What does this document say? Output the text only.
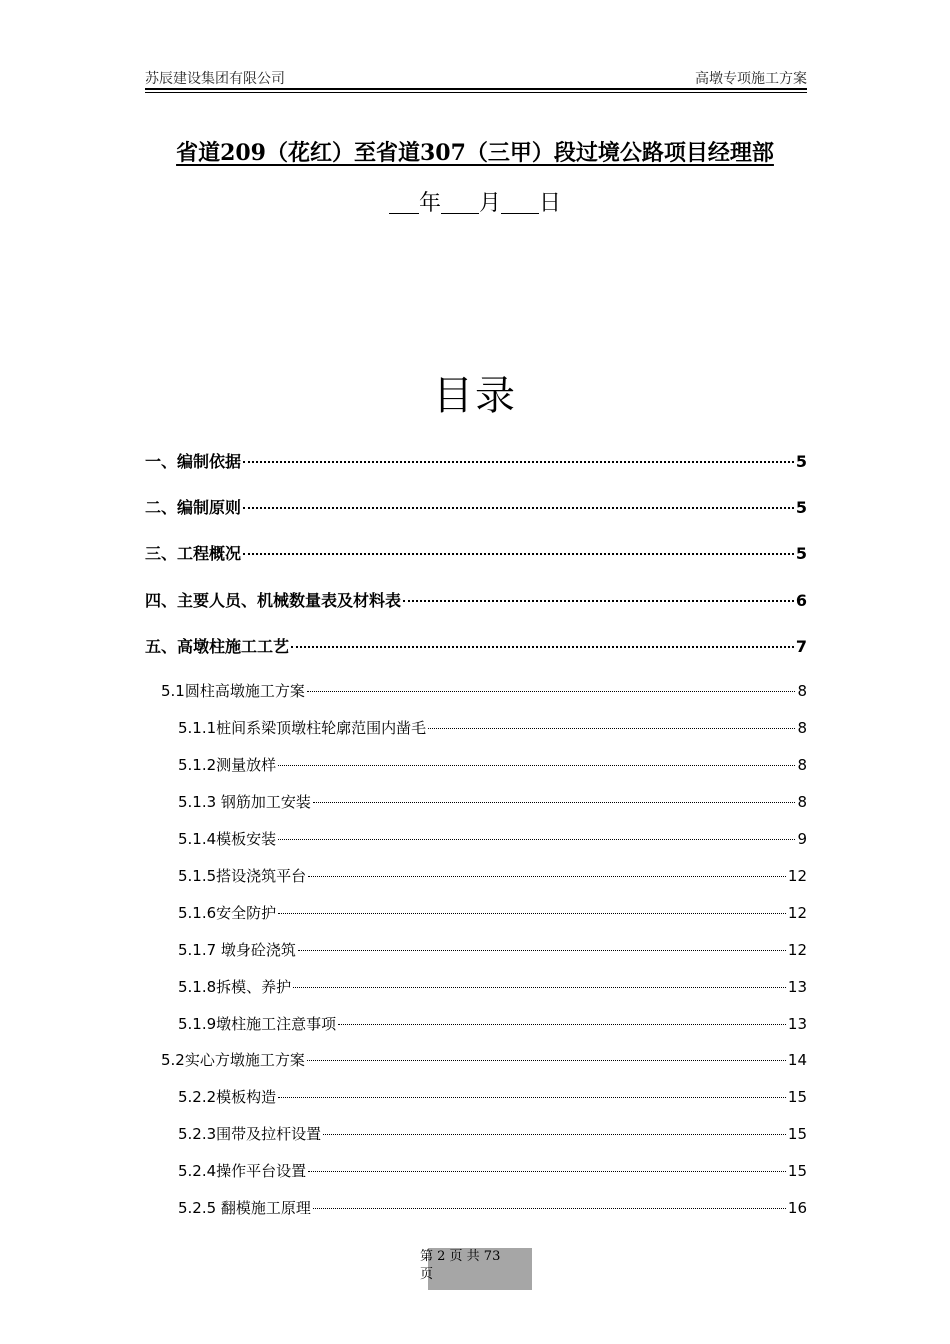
苏辰建设集团有限公司	高墩专项施工方案
省道209（花红）至省道307（三甲）段过境公路项目经理部
年 月 日
目录
一、编制依据	5
二、编制原则	5
三、工程概况	5
四、主要人员、机械数量表及材料表	6
五、高墩柱施工工艺	7
5.1圆柱高墩施工方案	8
5.1.1桩间系梁顶墩柱轮廓范围内凿毛	8
5.1.2测量放样	8
5.1.3 钢筋加工安装	8
5.1.4模板安装	9
5.1.5搭设浇筑平台	12
5.1.6安全防护	12
5.1.7 墩身砼浇筑	12
5.1.8拆模、养护	13
5.1.9墩柱施工注意事项	13
5.2实心方墩施工方案	14
5.2.2模板构造	15
5.2.3围带及拉杆设置	15
5.2.4操作平台设置	15
5.2.5 翻模施工原理	16
第 2 页 共 73
页
